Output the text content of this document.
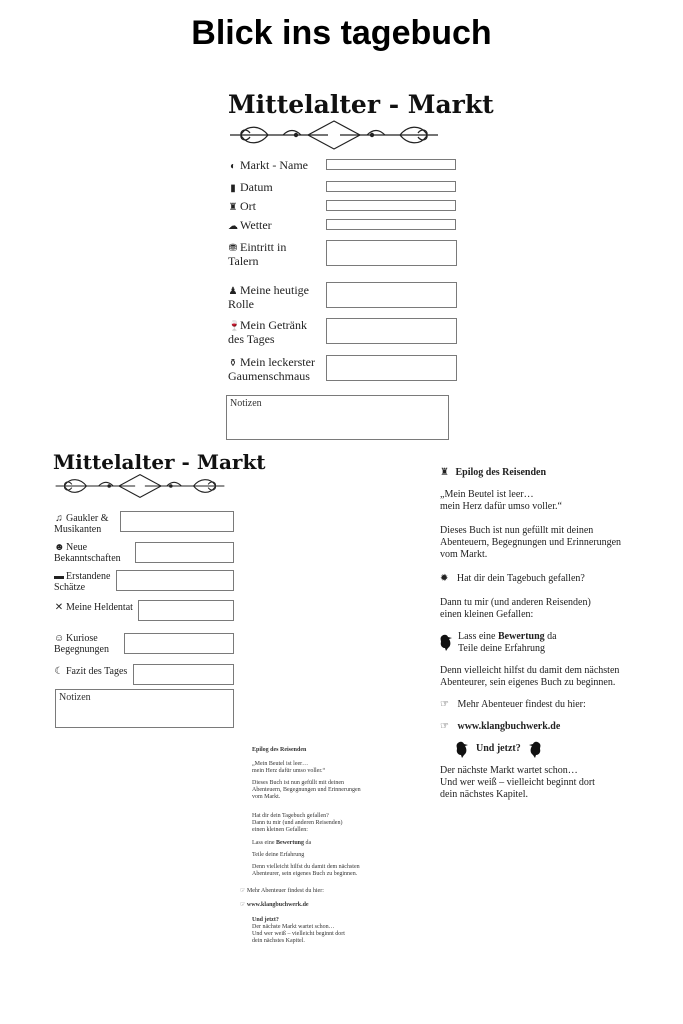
Blick ins tagebuch
Mittelalter - Markt
◐ Markt - Name
▮ Datum
♜ Ort
☁ Wetter
⛃ Eintritt in Talern
♟ Meine heutige Rolle
🍷Mein Getränk des Tages
⚱ Mein leckerster Gaumenschmaus
Notizen
Mittelalter - Markt
♫ Gaukler & Musikanten
☻Neue Bekanntschaften
▬ Erstandene Schätze
✕ Meine Heldentat
☺ Kuriose Begegnungen
☾ Fazit des Tages
Notizen
♜ Epilog des Reisenden
„Mein Beutel ist leer…
mein Herz dafür umso voller.“
Dieses Buch ist nun gefüllt mit deinen
Abenteuern, Begegnungen und Erinnerungen
vom Markt.
✹ Hat dir dein Tagebuch gefallen?
Dann tu mir (und anderen Reisenden)
einen kleinen Gefallen:
Lass eine Bewertung da
Teile deine Erfahrung
Denn vielleicht hilfst du damit dem nächsten
Abenteurer, sein eigenes Buch zu beginnen.
☞ Mehr Abenteuer findest du hier:
☞ www.klangbuchwerk.de
Und jetzt?
Der nächste Markt wartet schon…
Und wer weiß – vielleicht beginnt dort
dein nächstes Kapitel.
Epilog des Reisenden
„Mein Beutel ist leer…
mein Herz dafür umso voller.“
Dieses Buch ist nun gefüllt mit deinen
Abenteuern, Begegnungen und Erinnerungen
vom Markt.
Hat dir dein Tagebuch gefallen?
Dann tu mir (und anderen Reisenden)
einen kleinen Gefallen:
Lass eine Bewertung da
Teile deine Erfahrung
Denn vielleicht hilfst du damit dem nächsten
Abenteurer, sein eigenes Buch zu beginnen.
☞ Mehr Abenteuer findest du hier:
☞ www.klangbuchwerk.de
Und jetzt?
Der nächste Markt wartet schon…
Und wer weiß – vielleicht beginnt dort
dein nächstes Kapitel.
